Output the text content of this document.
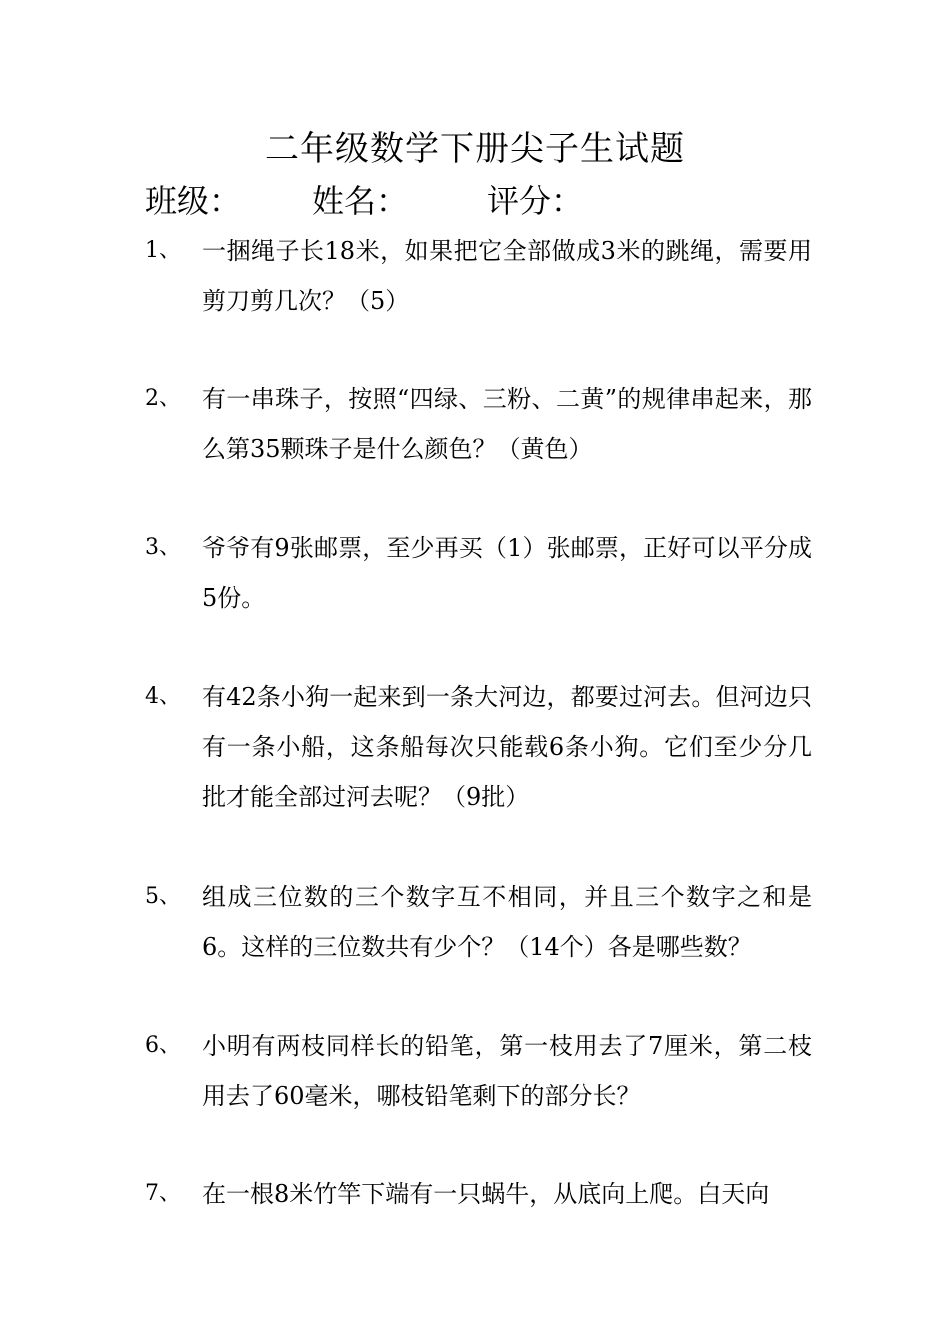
二年级数学下册尖子生试题
班级： 姓名： 评分：
1、 一捆绳子长18米，如果把它全部做成3米的跳绳，需要用剪刀剪几次？（5）
2、 有一串珠子，按照“四绿、三粉、二黄”的规律串起来，那么第35颗珠子是什么颜色？（黄色）
3、 爷爷有9张邮票，至少再买（1）张邮票，正好可以平分成5份。
4、 有42条小狗一起来到一条大河边，都要过河去。但河边只有一条小船，这条船每次只能载6条小狗。它们至少分几批才能全部过河去呢？（9批）
5、 组成三位数的三个数字互不相同，并且三个数字之和是6。这样的三位数共有少个？（14个）各是哪些数？
6、 小明有两枝同样长的铅笔，第一枝用去了7厘米，第二枝用去了60毫米，哪枝铅笔剩下的部分长？
7、 在一根8米竹竿下端有一只蜗牛，从底向上爬。白天向
